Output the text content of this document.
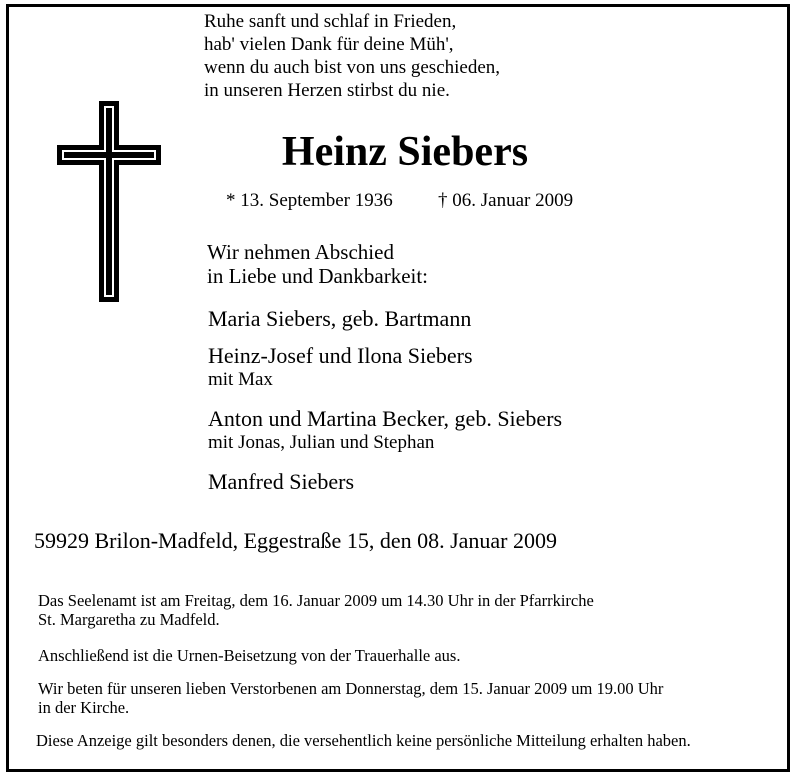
Ruhe sanft und schlaf in Frieden,
hab' vielen Dank für deine Müh',
wenn du auch bist von uns geschieden,
in unseren Herzen stirbst du nie.
Heinz Siebers
* 13. September 1936 † 06. Januar 2009
Wir nehmen Abschied
in Liebe und Dankbarkeit:
Maria Siebers, geb. Bartmann
Heinz-Josef und Ilona Siebers
mit Max
Anton und Martina Becker, geb. Siebers
mit Jonas, Julian und Stephan
Manfred Siebers
59929 Brilon-Madfeld, Eggestraße 15, den 08. Januar 2009
Das Seelenamt ist am Freitag, dem 16. Januar 2009 um 14.30 Uhr in der Pfarrkirche
St. Margaretha zu Madfeld.
Anschließend ist die Urnen-Beisetzung von der Trauerhalle aus.
Wir beten für unseren lieben Verstorbenen am Donnerstag, dem 15. Januar 2009 um 19.00 Uhr
in der Kirche.
Diese Anzeige gilt besonders denen, die versehentlich keine persönliche Mitteilung erhalten haben.
